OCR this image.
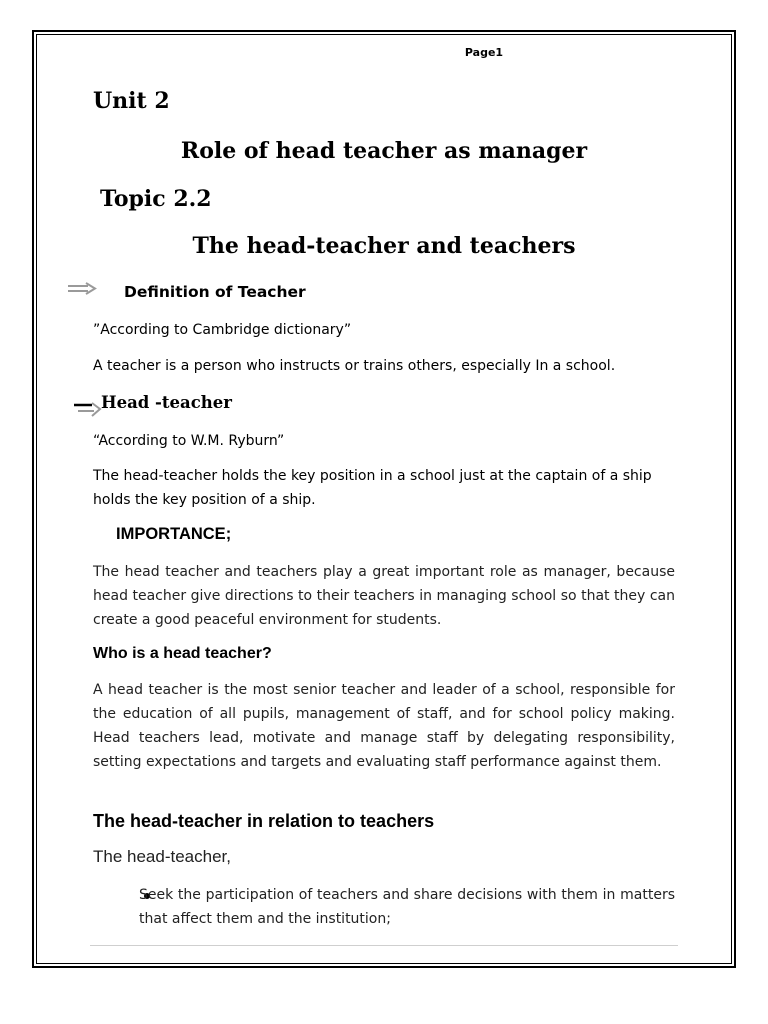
Page1
Unit 2
Role of head teacher as manager
Topic 2.2
The head-teacher and teachers
Definition of Teacher
”According to Cambridge dictionary”
A teacher is a person who instructs or trains others, especially In a school.
Head -teacher
“According to W.M. Ryburn”
The head-teacher holds the key position in a school just at the captain of a ship holds the key position of a ship.
IMPORTANCE;
The head teacher and teachers play a great important role as manager, because head teacher give directions to their teachers in managing school so that they can create a good peaceful environment for students.
Who is a head teacher?
A head teacher is the most senior teacher and leader of a school, responsible for the education of all pupils, management of staff, and for school policy making. Head teachers lead, motivate and manage staff by delegating responsibility, setting expectations and targets and evaluating staff performance against them.
The head-teacher in relation to teachers
The head-teacher,
Seek the participation of teachers and share decisions with them in matters that affect them and the institution;
